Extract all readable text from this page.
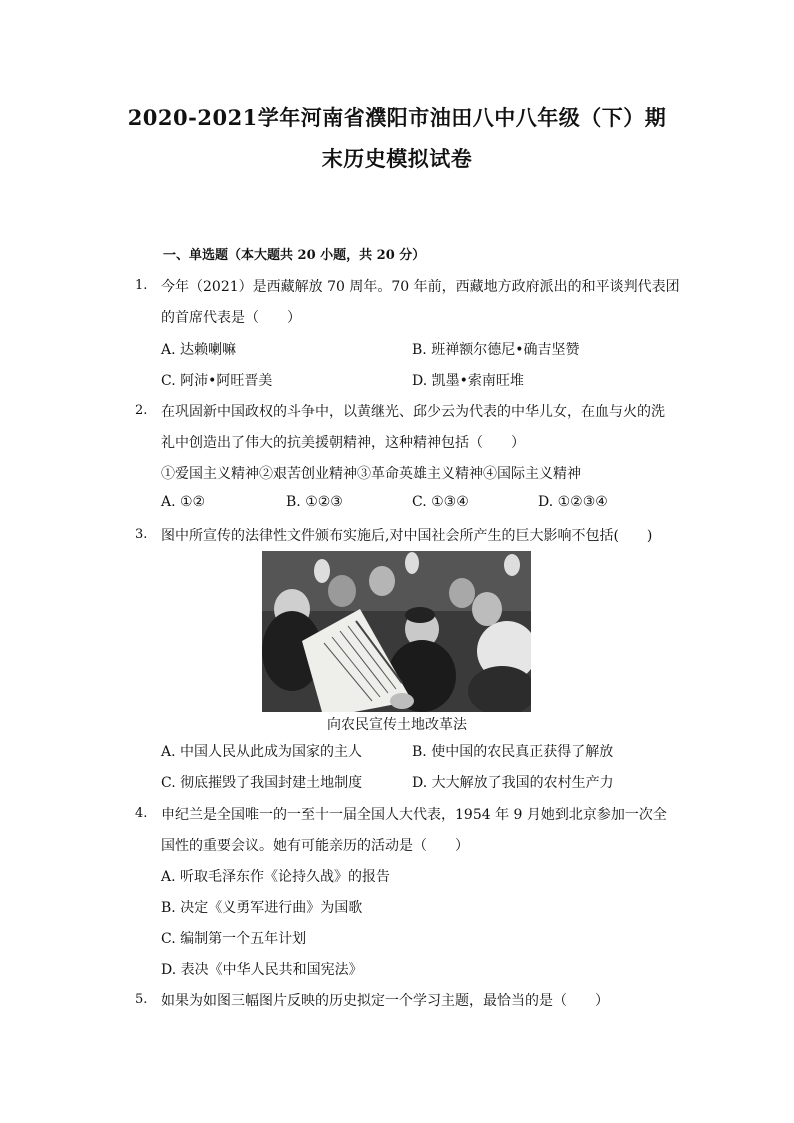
2020-2021学年河南省濮阳市油田八中八年级（下）期
末历史模拟试卷
一、单选题（本大题共 20 小题，共 20 分）
1. 今年（2021）是西藏解放 70 周年。70 年前，西藏地方政府派出的和平谈判代表团
的首席代表是（　　）
A. 达赖喇嘛	B. 班禅额尔德尼•确吉坚赞
C. 阿沛•阿旺晋美	D. 凯墨•索南旺堆
2. 在巩固新中国政权的斗争中，以黄继光、邱少云为代表的中华儿女，在血与火的洗
礼中创造出了伟大的抗美援朝精神，这种精神包括（　　）
①爱国主义精神②艰苦创业精神③革命英雄主义精神④国际主义精神
A. ①②	B. ①②③	C. ①③④	D. ①②③④
3. 图中所宣传的法律性文件颁布实施后,对中国社会所产生的巨大影响不包括(　　)
向农民宣传土地改革法
A. 中国人民从此成为国家的主人	B. 使中国的农民真正获得了解放
C. 彻底摧毁了我国封建土地制度	D. 大大解放了我国的农村生产力
4. 申纪兰是全国唯一的一至十一届全国人大代表，1954 年 9 月她到北京参加一次全
国性的重要会议。她有可能亲历的活动是（　　）
A. 听取毛泽东作《论持久战》的报告
B. 决定《义勇军进行曲》为国歌
C. 编制第一个五年计划
D. 表决《中华人民共和国宪法》
5. 如果为如图三幅图片反映的历史拟定一个学习主题，最恰当的是（　　）
